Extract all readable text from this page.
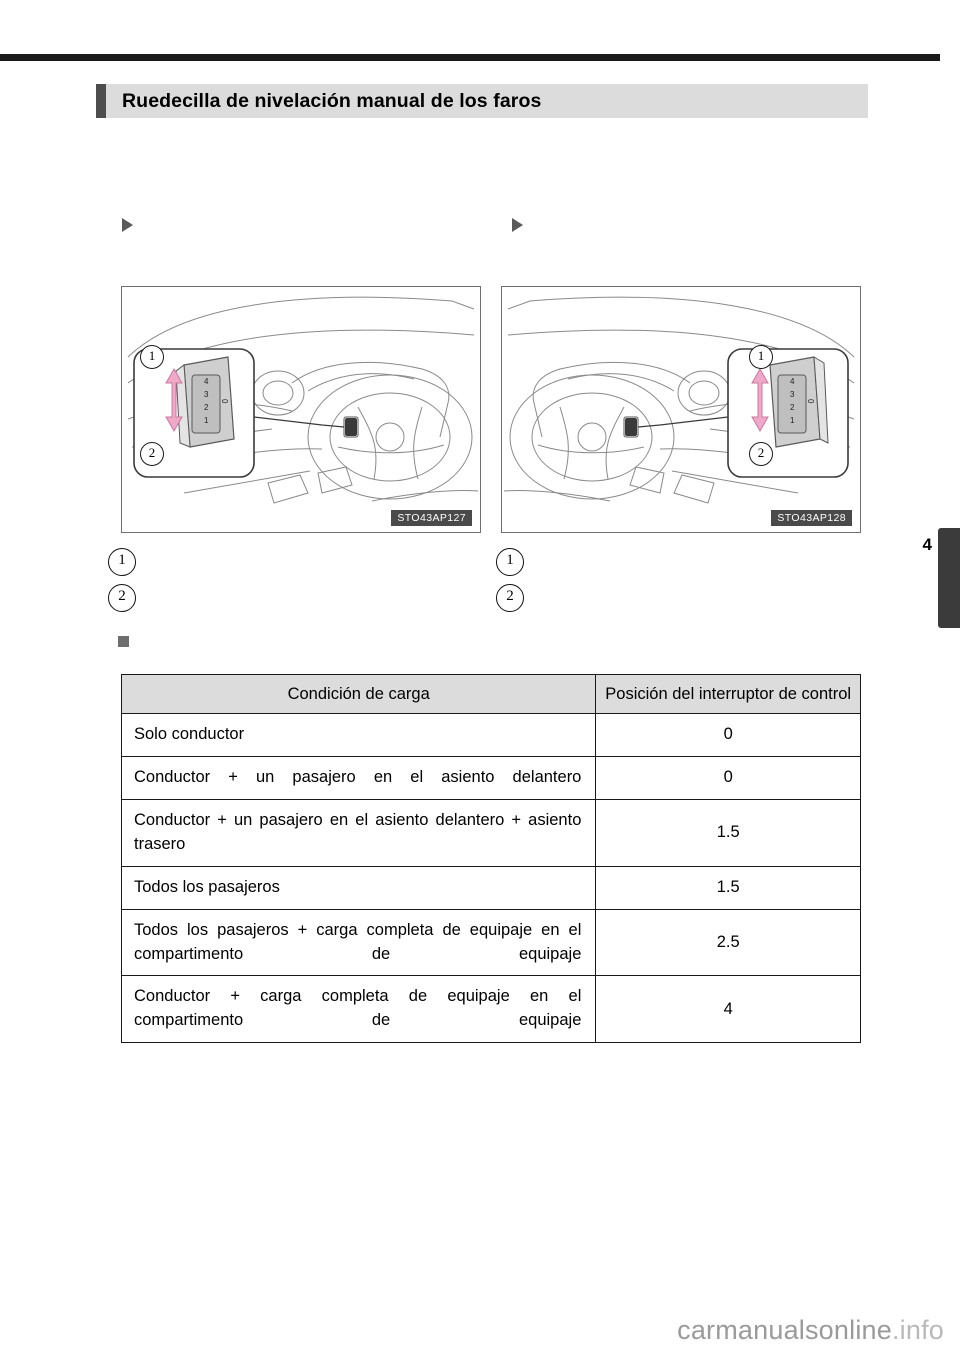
Ruedecilla de nivelación manual de los faros
4
4
3
2
1
0
1
2
STO43AP127
4
3
2
1
0
1
2
STO43AP128
1
2
1
2
Condición de carga	Posición del interruptor de control
Solo conductor	0
Conductor + un pasajero en el asiento delantero	0
Conductor + un pasajero en el asiento delantero + asiento trasero	1.5
Todos los pasajeros	1.5
Todos los pasajeros + carga completa de equipaje en el compartimento de equipaje	2.5
Conductor + carga completa de equipaje en el compartimento de equipaje	4
carmanualsonline.info
